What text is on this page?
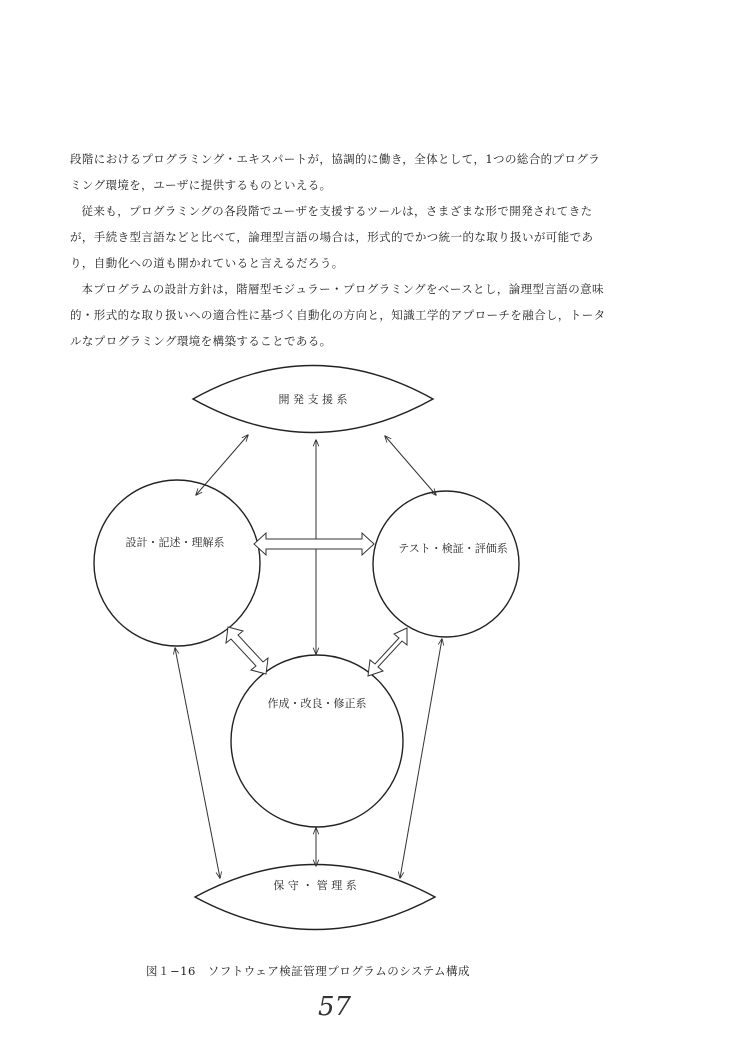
段階におけるプログラミング・エキスパートが，協調的に働き，全体として，1つの総合的プログラミング環境を，ユーザに提供するものといえる。

従来も，プログラミングの各段階でユーザを支援するツールは，さまざまな形で開発されてきたが，手続き型言語などと比べて，論理型言語の場合は，形式的でかつ統一的な取り扱いが可能であり，自動化への道も開かれていると言えるだろう。

本プログラムの設計方針は，階層型モジュラー・プログラミングをベースとし，論理型言語の意味的・形式的な取り扱いへの適合性に基づく自動化の方向と，知識工学的アプローチを融合し，トータルなプログラミング環境を構築することである。

開 発 支 援 系
設計・記述・理解系	テスト・検証・評価系
作成・改良・修正系
保 守 ・ 管 理 系
図１−16　ソフトウェア検証管理プログラムのシステム構成
57
